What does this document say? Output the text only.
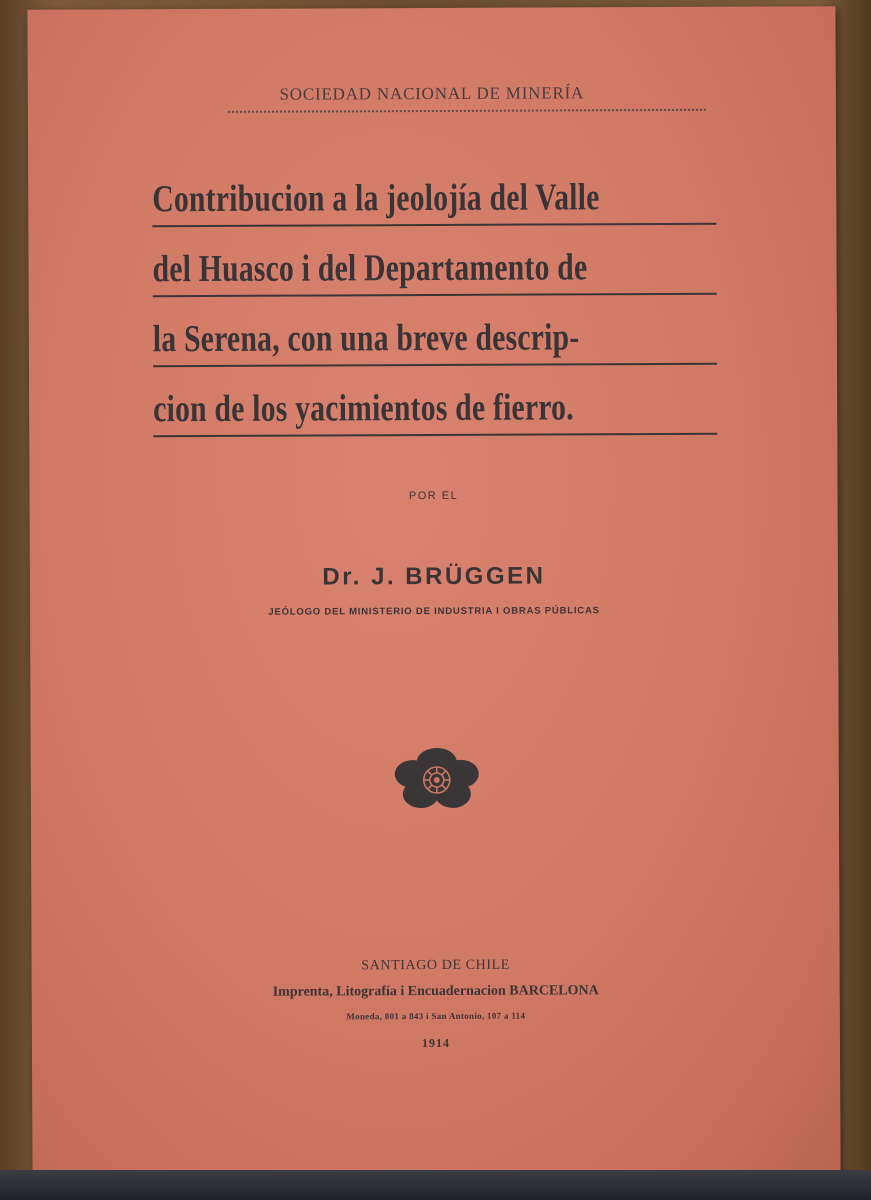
SOCIEDAD NACIONAL DE MINERÍA
Contribucion a la jeolojía del Valle
del Huasco i del Departamento de
la Serena, con una breve descrip-
cion de los yacimientos de fierro.
POR EL
Dr. J. BRÜGGEN
JEÓLOGO DEL MINISTERIO DE INDUSTRIA I OBRAS PÚBLICAS
SANTIAGO DE CHILE
Imprenta, Litografía i Encuadernacion BARCELONA
Moneda, 801 a 843 i San Antonio, 107 a 114
1914
